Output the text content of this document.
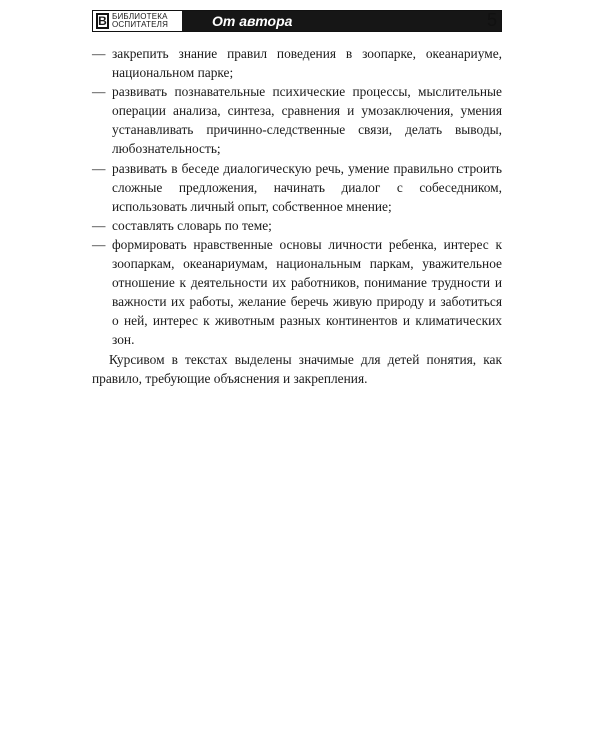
В БИБЛИОТЕКА
ОСПИТАТЕЛЯ	От автора	5
— закрепить знание правил поведения в зоопарке, океанариуме, национальном парке;
— развивать познавательные психические процессы, мыслительные операции анализа, синтеза, сравнения и умозаключения, умения устанавливать причинно-следственные связи, делать выводы, любознательность;
— развивать в беседе диалогическую речь, умение правильно строить сложные предложения, начинать диалог с собеседником, использовать личный опыт, собственное мнение;
— составлять словарь по теме;
— формировать нравственные основы личности ребенка, интерес к зоопаркам, океанариумам, национальным паркам, уважительное отношение к деятельности их работников, понимание трудности и важности их работы, желание беречь живую природу и заботиться о ней, интерес к животным разных континентов и климатических зон.

Курсивом в текстах выделены значимые для детей понятия, как правило, требующие объяснения и закрепления.
